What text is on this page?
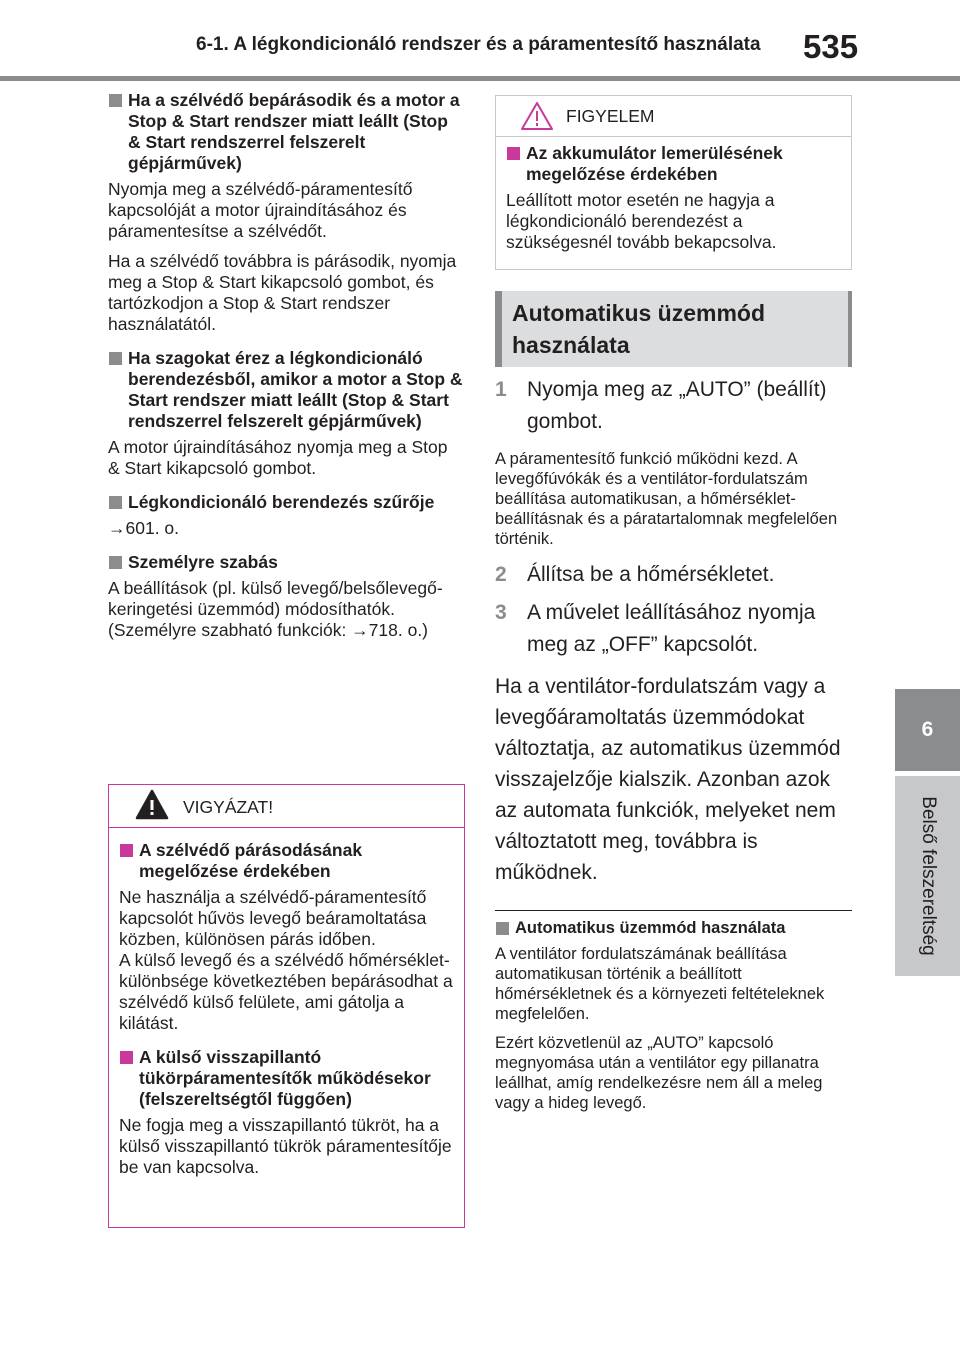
6-1. A légkondicionáló rendszer és a páramentesítő használata 535
6
Belső felszereltség
Ha a szélvédő bepárásodik és a motor a Stop & Start rendszer miatt leállt (Stop & Start rendszerrel felszerelt gépjárművek)

Nyomja meg a szélvédő-páramentesítő kapcsolóját a motor újraindításához és páramentesítse a szélvédőt.

Ha a szélvédő továbbra is párásodik, nyomja meg a Stop & Start kikapcsoló gombot, és tartózkodjon a Stop & Start rendszer használatától.

Ha szagokat érez a légkondicionáló berendezésből, amikor a motor a Stop & Start rendszer miatt leállt (Stop & Start rendszerrel felszerelt gépjárművek)

A motor újraindításához nyomja meg a Stop & Start kikapcsoló gombot.

Légkondicionáló berendezés szűrője

→601. o.

Személyre szabás

A beállítások (pl. külső levegő/belsőlevegő-keringetési üzemmód) módosíthatók.

(Személyre szabható funkciók: →718. o.)

VIGYÁZAT!
A szélvédő párásodásának megelőzése érdekében

Ne használja a szélvédő-páramentesítő kapcsolót hűvös levegő beáramoltatása közben, különösen párás időben.

A külső levegő és a szélvédő hőmérséklet-különbsége következtében bepárásodhat a szélvédő külső felülete, ami gátolja a kilátást.

A külső visszapillantó tükörpáramentesítők működésekor (felszereltségtől függően)

Ne fogja meg a visszapillantó tükröt, ha a külső visszapillantó tükrök páramentesítője be van kapcsolva.

FIGYELEM
Az akkumulátor lemerülésének megelőzése érdekében

Leállított motor esetén ne hagyja a légkondicionáló berendezést a szükségesnél tovább bekapcsolva.

Automatikus üzemmód használata

1 Nyomja meg az „AUTO” (beállít) gombot.

A páramentesítő funkció működni kezd. A levegőfúvókák és a ventilátor-fordulatszám beállítása automatikusan, a hőmérséklet-beállításnak és a páratartalomnak megfelelően történik.

2 Állítsa be a hőmérsékletet.

3 A művelet leállításához nyomja meg az „OFF” kapcsolót.

Ha a ventilátor-fordulatszám vagy a levegőáramoltatás üzemmódokat változtatja, az automatikus üzemmód visszajelzője kialszik. Azonban azok az automata funkciók, melyeket nem változtatott meg, továbbra is működnek.

Automatikus üzemmód használata

A ventilátor fordulatszámának beállítása automatikusan történik a beállított hőmérsékletnek és a környezeti feltételeknek megfelelően.

Ezért közvetlenül az „AUTO” kapcsoló megnyomása után a ventilátor egy pillanatra leállhat, amíg rendelkezésre nem áll a meleg vagy a hideg levegő.
